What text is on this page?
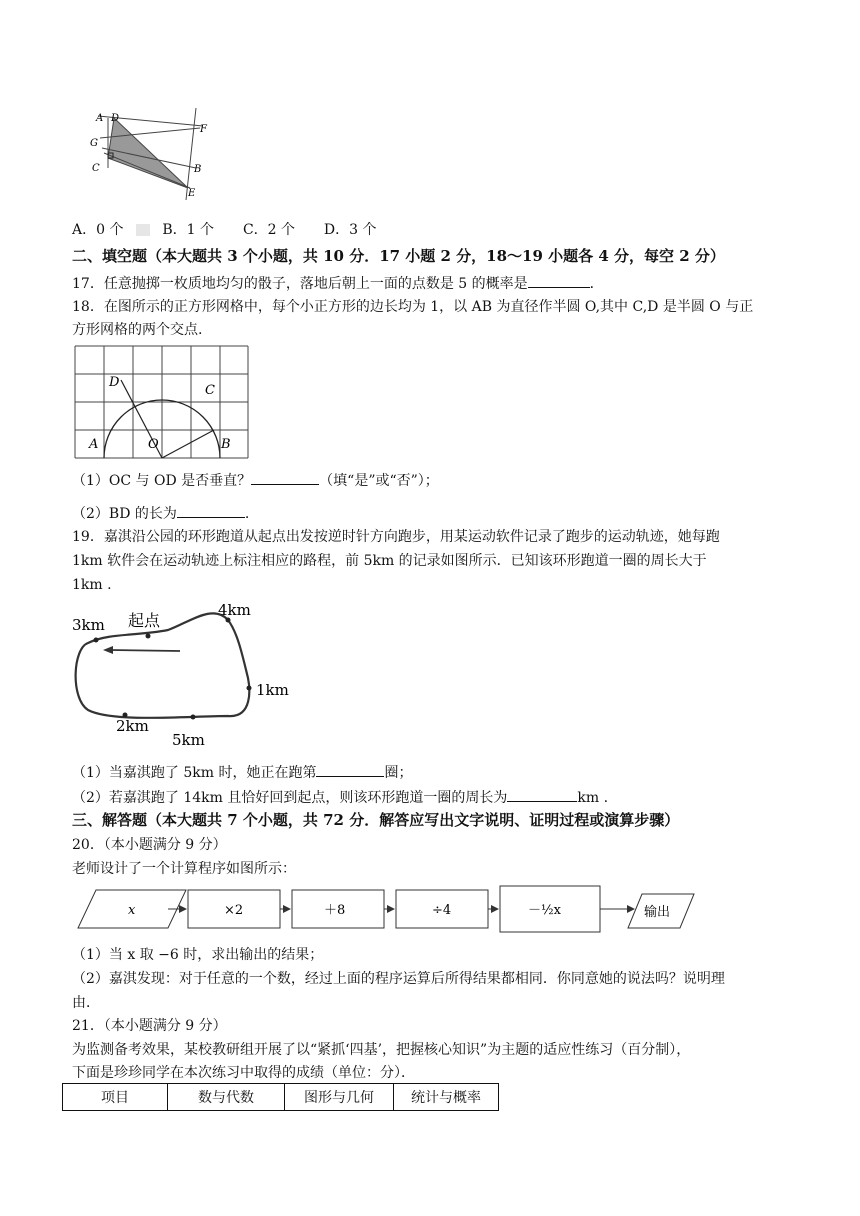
A D
F
G
B
C
E
A．0 个	B．1 个 C．2 个 D．3 个
二、填空题（本大题共 3 个小题，共 10 分．17 小题 2 分，18～19 小题各 4 分，每空 2 分）
17．任意抛掷一枚质地均匀的骰子，落地后朝上一面的点数是 5 的概率是	．
18．在图所示的正方形网格中，每个小正方形的边长均为 1，以 AB 为直径作半圆 O,其中 C,D 是半圆 O 与正
方形网格的两个交点.
D
C
A	O	B
（1）OC 与 OD 是否垂直？	（填“是”或“否”）；
（2）BD 的长为	.
19．嘉淇沿公园的环形跑道从起点出发按逆时针方向跑步，用某运动软件记录了跑步的运动轨迹，她每跑
1km 软件会在运动轨迹上标注相应的路程，前 5km 的记录如图所示．已知该环形跑道一圈的周长大于
1km .
3km 起点
4km
1km
2km
5km
（1）当嘉淇跑了 5km 时，她正在跑第	圈；
（2）若嘉淇跑了 14km 且恰好回到起点，则该环形跑道一圈的周长为	km .
三、解答题（本大题共 7 个小题，共 72 分．解答应写出文字说明、证明过程或演算步骤）
20．（本小题满分 9 分）
老师设计了一个计算程序如图所示：
x	×2	＋8	÷4	－½x	输出
（1）当 x 取 −6 时，求出输出的结果；
（2）嘉淇发现：对于任意的一个数，经过上面的程序运算后所得结果都相同．你同意她的说法吗？说明理
由．
21．（本小题满分 9 分）
为监测备考效果，某校教研组开展了以“紧抓‘四基’，把握核心知识”为主题的适应性练习（百分制），
下面是珍珍同学在本次练习中取得的成绩（单位：分）．
项目	数与代数	图形与几何	统计与概率
